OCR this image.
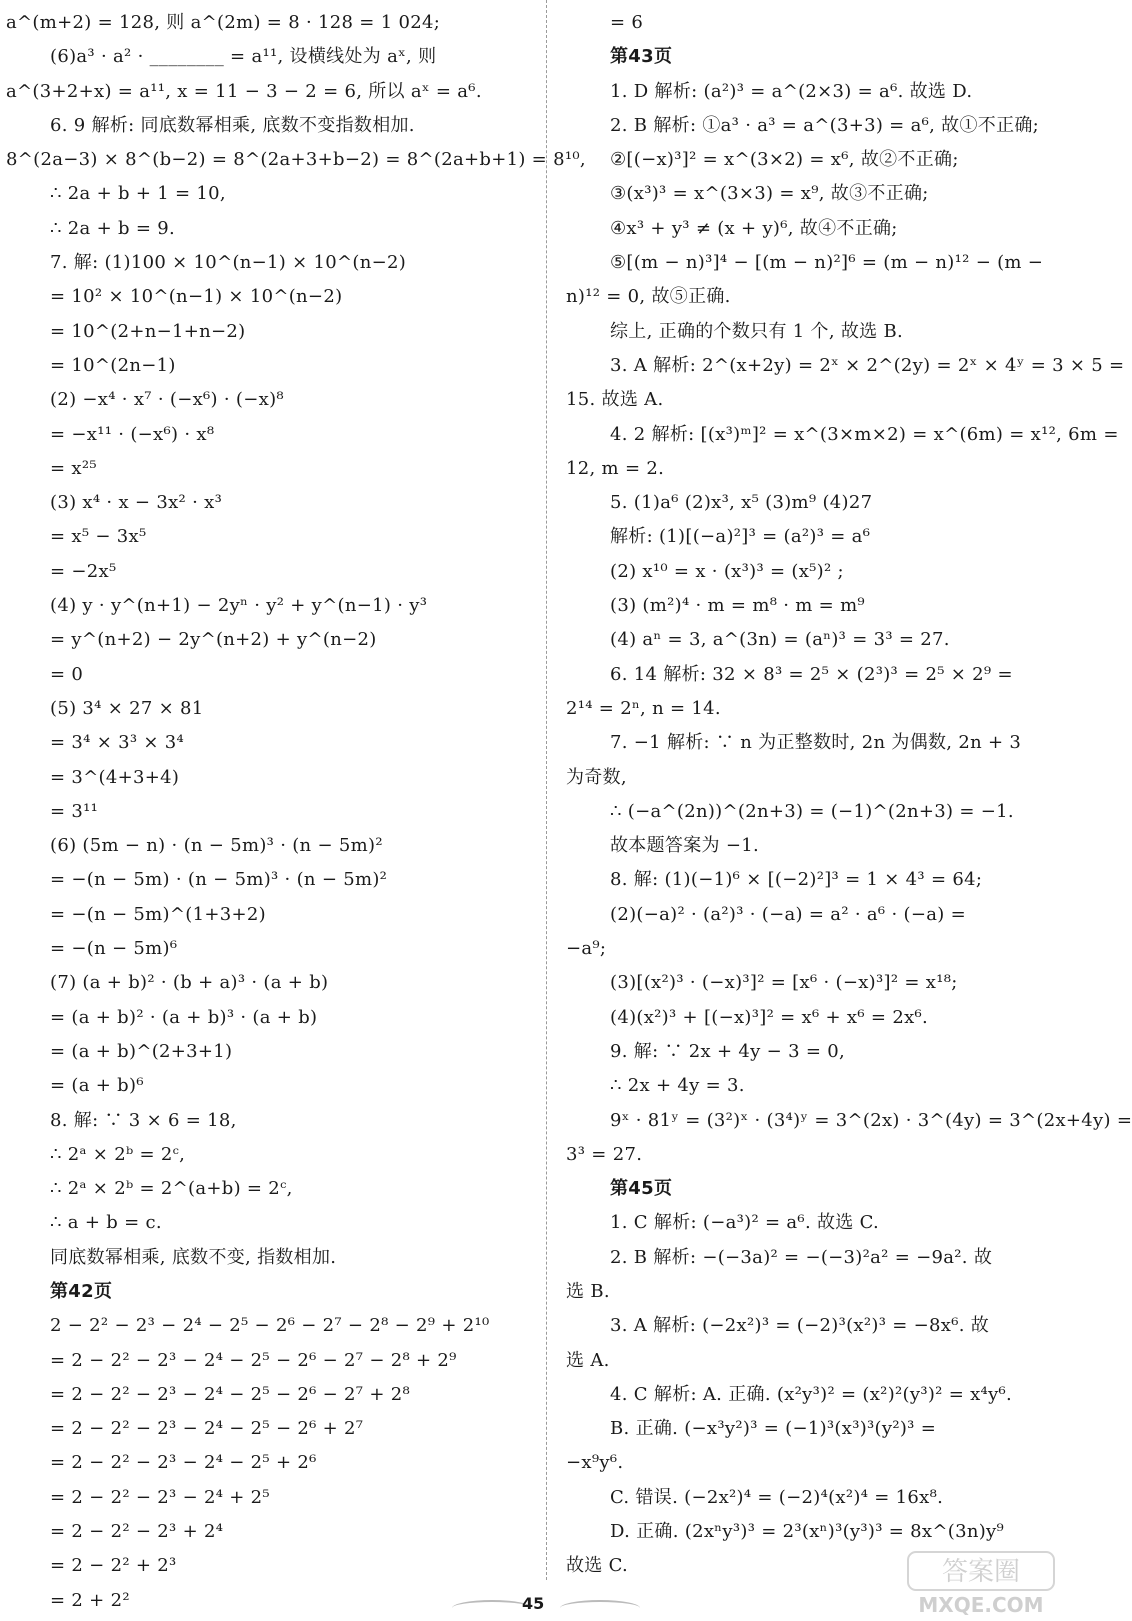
a^(m+2) = 128, 则 a^(2m) = 8 · 128 = 1 024;
(6)a³ · a² · ________ = a¹¹, 设横线处为 aˣ, 则
a^(3+2+x) = a¹¹, x = 11 − 3 − 2 = 6, 所以 aˣ = a⁶.
6. 9 解析: 同底数幂相乘, 底数不变指数相加.
8^(2a−3) × 8^(b−2) = 8^(2a+3+b−2) = 8^(2a+b+1) = 8¹⁰,
∴ 2a + b + 1 = 10,
∴ 2a + b = 9.
7. 解: (1)100 × 10^(n−1) × 10^(n−2)
= 10² × 10^(n−1) × 10^(n−2)
= 10^(2+n−1+n−2)
= 10^(2n−1)
(2) −x⁴ · x⁷ · (−x⁶) · (−x)⁸
= −x¹¹ · (−x⁶) · x⁸
= x²⁵
(3) x⁴ · x − 3x² · x³
= x⁵ − 3x⁵
= −2x⁵
(4) y · y^(n+1) − 2yⁿ · y² + y^(n−1) · y³
= y^(n+2) − 2y^(n+2) + y^(n−2)
= 0
(5) 3⁴ × 27 × 81
= 3⁴ × 3³ × 3⁴
= 3^(4+3+4)
= 3¹¹
(6) (5m − n) · (n − 5m)³ · (n − 5m)²
= −(n − 5m) · (n − 5m)³ · (n − 5m)²
= −(n − 5m)^(1+3+2)
= −(n − 5m)⁶
(7) (a + b)² · (b + a)³ · (a + b)
= (a + b)² · (a + b)³ · (a + b)
= (a + b)^(2+3+1)
= (a + b)⁶
8. 解: ∵ 3 × 6 = 18,
∴ 2ᵃ × 2ᵇ = 2ᶜ,
∴ 2ᵃ × 2ᵇ = 2^(a+b) = 2ᶜ,
∴ a + b = c.
同底数幂相乘, 底数不变, 指数相加.
第42页
2 − 2² − 2³ − 2⁴ − 2⁵ − 2⁶ − 2⁷ − 2⁸ − 2⁹ + 2¹⁰
= 2 − 2² − 2³ − 2⁴ − 2⁵ − 2⁶ − 2⁷ − 2⁸ + 2⁹
= 2 − 2² − 2³ − 2⁴ − 2⁵ − 2⁶ − 2⁷ + 2⁸
= 2 − 2² − 2³ − 2⁴ − 2⁵ − 2⁶ + 2⁷
= 2 − 2² − 2³ − 2⁴ − 2⁵ + 2⁶
= 2 − 2² − 2³ − 2⁴ + 2⁵
= 2 − 2² − 2³ + 2⁴
= 2 − 2² + 2³
= 2 + 2²
= 6
第43页
1. D 解析: (a²)³ = a^(2×3) = a⁶. 故选 D.
2. B 解析: ①a³ · a³ = a^(3+3) = a⁶, 故①不正确;
②[(−x)³]² = x^(3×2) = x⁶, 故②不正确;
③(x³)³ = x^(3×3) = x⁹, 故③不正确;
④x³ + y³ ≠ (x + y)⁶, 故④不正确;
⑤[(m − n)³]⁴ − [(m − n)²]⁶ = (m − n)¹² − (m −
n)¹² = 0, 故⑤正确.
综上, 正确的个数只有 1 个, 故选 B.
3. A 解析: 2^(x+2y) = 2ˣ × 2^(2y) = 2ˣ × 4ʸ = 3 × 5 =
15. 故选 A.
4. 2 解析: [(x³)ᵐ]² = x^(3×m×2) = x^(6m) = x¹², 6m =
12, m = 2.
5. (1)a⁶ (2)x³, x⁵ (3)m⁹ (4)27
解析: (1)[(−a)²]³ = (a²)³ = a⁶
(2) x¹⁰ = x · (x³)³ = (x⁵)² ;
(3) (m²)⁴ · m = m⁸ · m = m⁹
(4) aⁿ = 3, a^(3n) = (aⁿ)³ = 3³ = 27.
6. 14 解析: 32 × 8³ = 2⁵ × (2³)³ = 2⁵ × 2⁹ =
2¹⁴ = 2ⁿ, n = 14.
7. −1 解析: ∵ n 为正整数时, 2n 为偶数, 2n + 3
为奇数,
∴ (−a^(2n))^(2n+3) = (−1)^(2n+3) = −1.
故本题答案为 −1.
8. 解: (1)(−1)⁶ × [(−2)²]³ = 1 × 4³ = 64;
(2)(−a)² · (a²)³ · (−a) = a² · a⁶ · (−a) =
−a⁹;
(3)[(x²)³ · (−x)³]² = [x⁶ · (−x)³]² = x¹⁸;
(4)(x²)³ + [(−x)³]² = x⁶ + x⁶ = 2x⁶.
9. 解: ∵ 2x + 4y − 3 = 0,
∴ 2x + 4y = 3.
9ˣ · 81ʸ = (3²)ˣ · (3⁴)ʸ = 3^(2x) · 3^(4y) = 3^(2x+4y) =
3³ = 27.
第45页
1. C 解析: (−a³)² = a⁶. 故选 C.
2. B 解析: −(−3a)² = −(−3)²a² = −9a². 故
选 B.
3. A 解析: (−2x²)³ = (−2)³(x²)³ = −8x⁶. 故
选 A.
4. C 解析: A. 正确. (x²y³)² = (x²)²(y³)² = x⁴y⁶.
B. 正确. (−x³y²)³ = (−1)³(x³)³(y²)³ =
−x⁹y⁶.
C. 错误. (−2x²)⁴ = (−2)⁴(x²)⁴ = 16x⁸.
D. 正确. (2xⁿy³)³ = 2³(xⁿ)³(y³)³ = 8x^(3n)y⁹
故选 C.
45
答案圈
MXQE.COM
